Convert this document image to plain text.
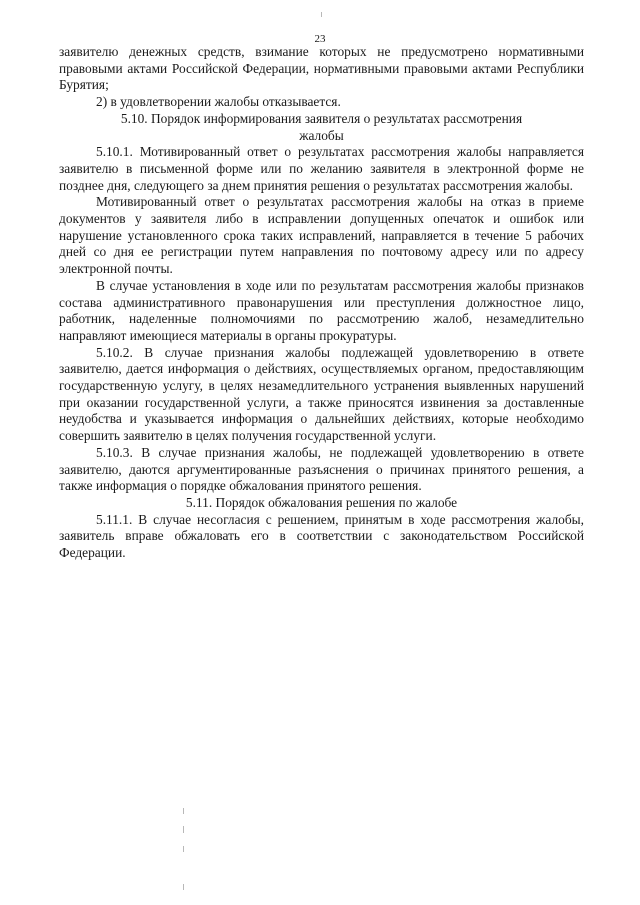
23

заявителю денежных средств, взимание которых не предусмотрено нормативными правовыми актами Российской Федерации, нормативными правовыми актами Республики Бурятия;

2) в удовлетворении жалобы отказывается.

5.10. Порядок информирования заявителя о результатах рассмотрения жалобы

5.10.1. Мотивированный ответ о результатах рассмотрения жалобы направляется заявителю в письменной форме или по желанию заявителя в электронной форме не позднее дня, следующего за днем принятия решения о результатах рассмотрения жалобы.

Мотивированный ответ о результатах рассмотрения жалобы на отказ в приеме документов у заявителя либо в исправлении допущенных опечаток и ошибок или нарушение установленного срока таких исправлений, направляется в течение 5 рабочих дней со дня ее регистрации путем направления по почтовому адресу или по адресу электронной почты.

В случае установления в ходе или по результатам рассмотрения жалобы признаков состава административного правонарушения или преступления должностное лицо, работник, наделенные полномочиями по рассмотрению жалоб, незамедлительно направляют имеющиеся материалы в органы прокуратуры.

5.10.2. В случае признания жалобы подлежащей удовлетворению в ответе заявителю, дается информация о действиях, осуществляемых органом, предоставляющим государственную услугу, в целях незамедлительного устранения выявленных нарушений при оказании государственной услуги, а также приносятся извинения за доставленные неудобства и указывается информация о дальнейших действиях, которые необходимо совершить заявителю в целях получения государственной услуги.

5.10.3. В случае признания жалобы, не подлежащей удовлетворению в ответе заявителю, даются аргументированные разъяснения о причинах принятого решения, а также информация о порядке обжалования принятого решения.

5.11. Порядок обжалования решения по жалобе

5.11.1. В случае несогласия с решением, принятым в ходе рассмотрения жалобы, заявитель вправе обжаловать его в соответствии с законодательством Российской Федерации.
